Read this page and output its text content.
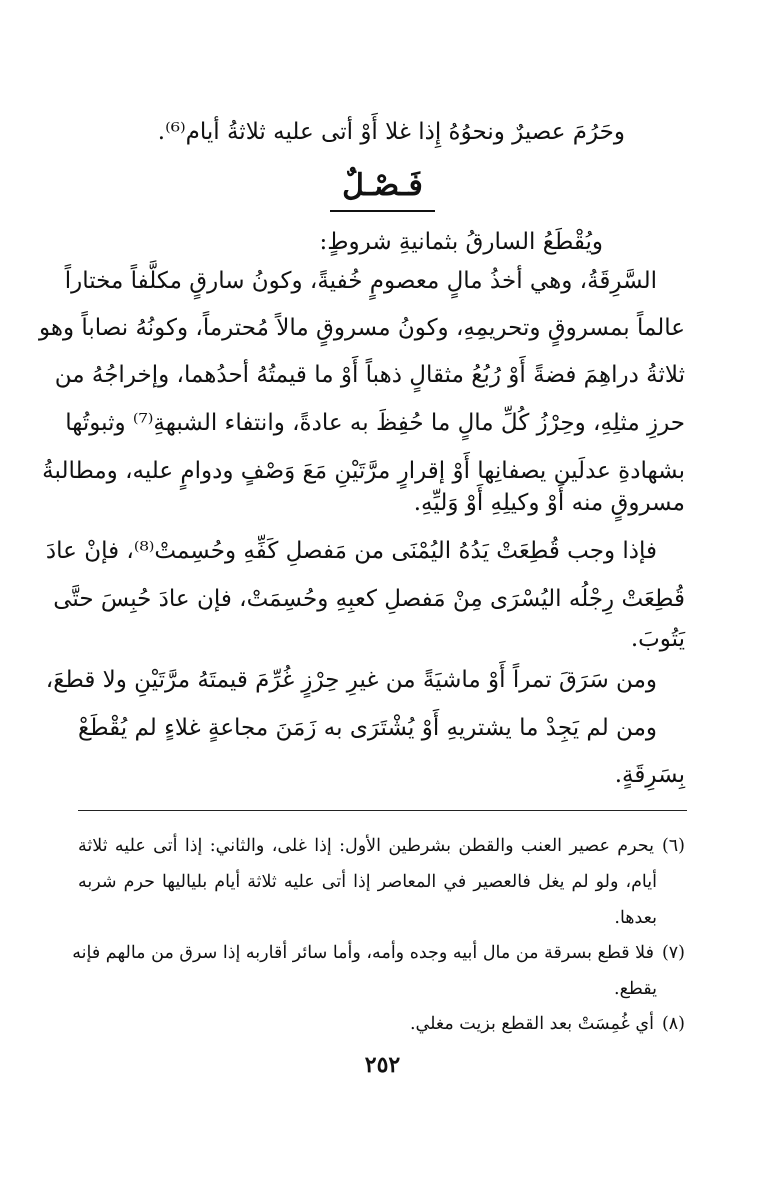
وحَرُمَ عصيرٌ ونحوُهُ إِذا غلا أَوْ أتى عليه ثلاثةُ أيام⁽⁶⁾.
فَـصْـلٌ
ويُقْطَعُ السارقُ بثمانيةِ شروطٍ:
السَّرِقَةُ، وهي أخذُ مالٍ معصومٍ خُفيةً، وكونُ سارقٍ مكلَّفاً مختاراً
عالماً بمسروقٍ وتحريمِهِ، وكونُ مسروقٍ مالاً مُحترماً، وكونُهُ نصاباً وهو
ثلاثةُ دراهِمَ فضةً أَوْ رُبُعُ مثقالٍ ذهباً أَوْ ما قيمتُهُ أحدُهما، وإخراجُهُ من
حرزِ مثلِهِ، وحِرْزُ كُلِّ مالٍ ما حُفِظَ به عادةً، وانتفاء الشبهةِ⁽⁷⁾ وثبوتُها
بشهادةِ عدلَين يصفانِها أَوْ إقرارٍ مرَّتَيْنِ مَعَ وَصْفٍ ودوامٍ عليه، ومطالبةُ
مسروقٍ منه أَوْ وكيلِهِ أَوْ وَليِّهِ.
فإذا وجب قُطِعَتْ يَدُهُ اليُمْنَى من مَفصلِ كَفِّهِ وحُسِمتْ⁽⁸⁾، فإنْ عادَ
قُطِعَتْ رِجْلُه اليُسْرَى مِنْ مَفصلِ كعبِهِ وحُسِمَتْ، فإن عادَ حُبِسَ حتَّى
يَتُوبَ.
ومن سَرَقَ تمراً أَوْ ماشيَةً من غيرِ حِرْزٍ غُرِّمَ قيمتَهُ مرَّتَيْنِ ولا قطعَ،
ومن لم يَجِدْ ما يشتريهِ أَوْ يُشْتَرَى به زَمَنَ مجاعةٍ غلاءٍ لم يُقْطَعْ
بِسَرِقَةٍ.
(٦)يحرم عصير العنب والقطن بشرطين الأول: إذا غلى، والثاني: إذا أتى عليه ثلاثة
أيام، ولو لم يغل فالعصير في المعاصر إذا أتى عليه ثلاثة أيام بلياليها حرم شربه
بعدها.
(٧)فلا قطع بسرقة من مال أبيه وجده وأمه، وأما سائر أقاربه إذا سرق من مالهم فإنه
يقطع.
(٨)أي غُمِسَتْ بعد القطع بزيت مغلي.
٢٥٢
